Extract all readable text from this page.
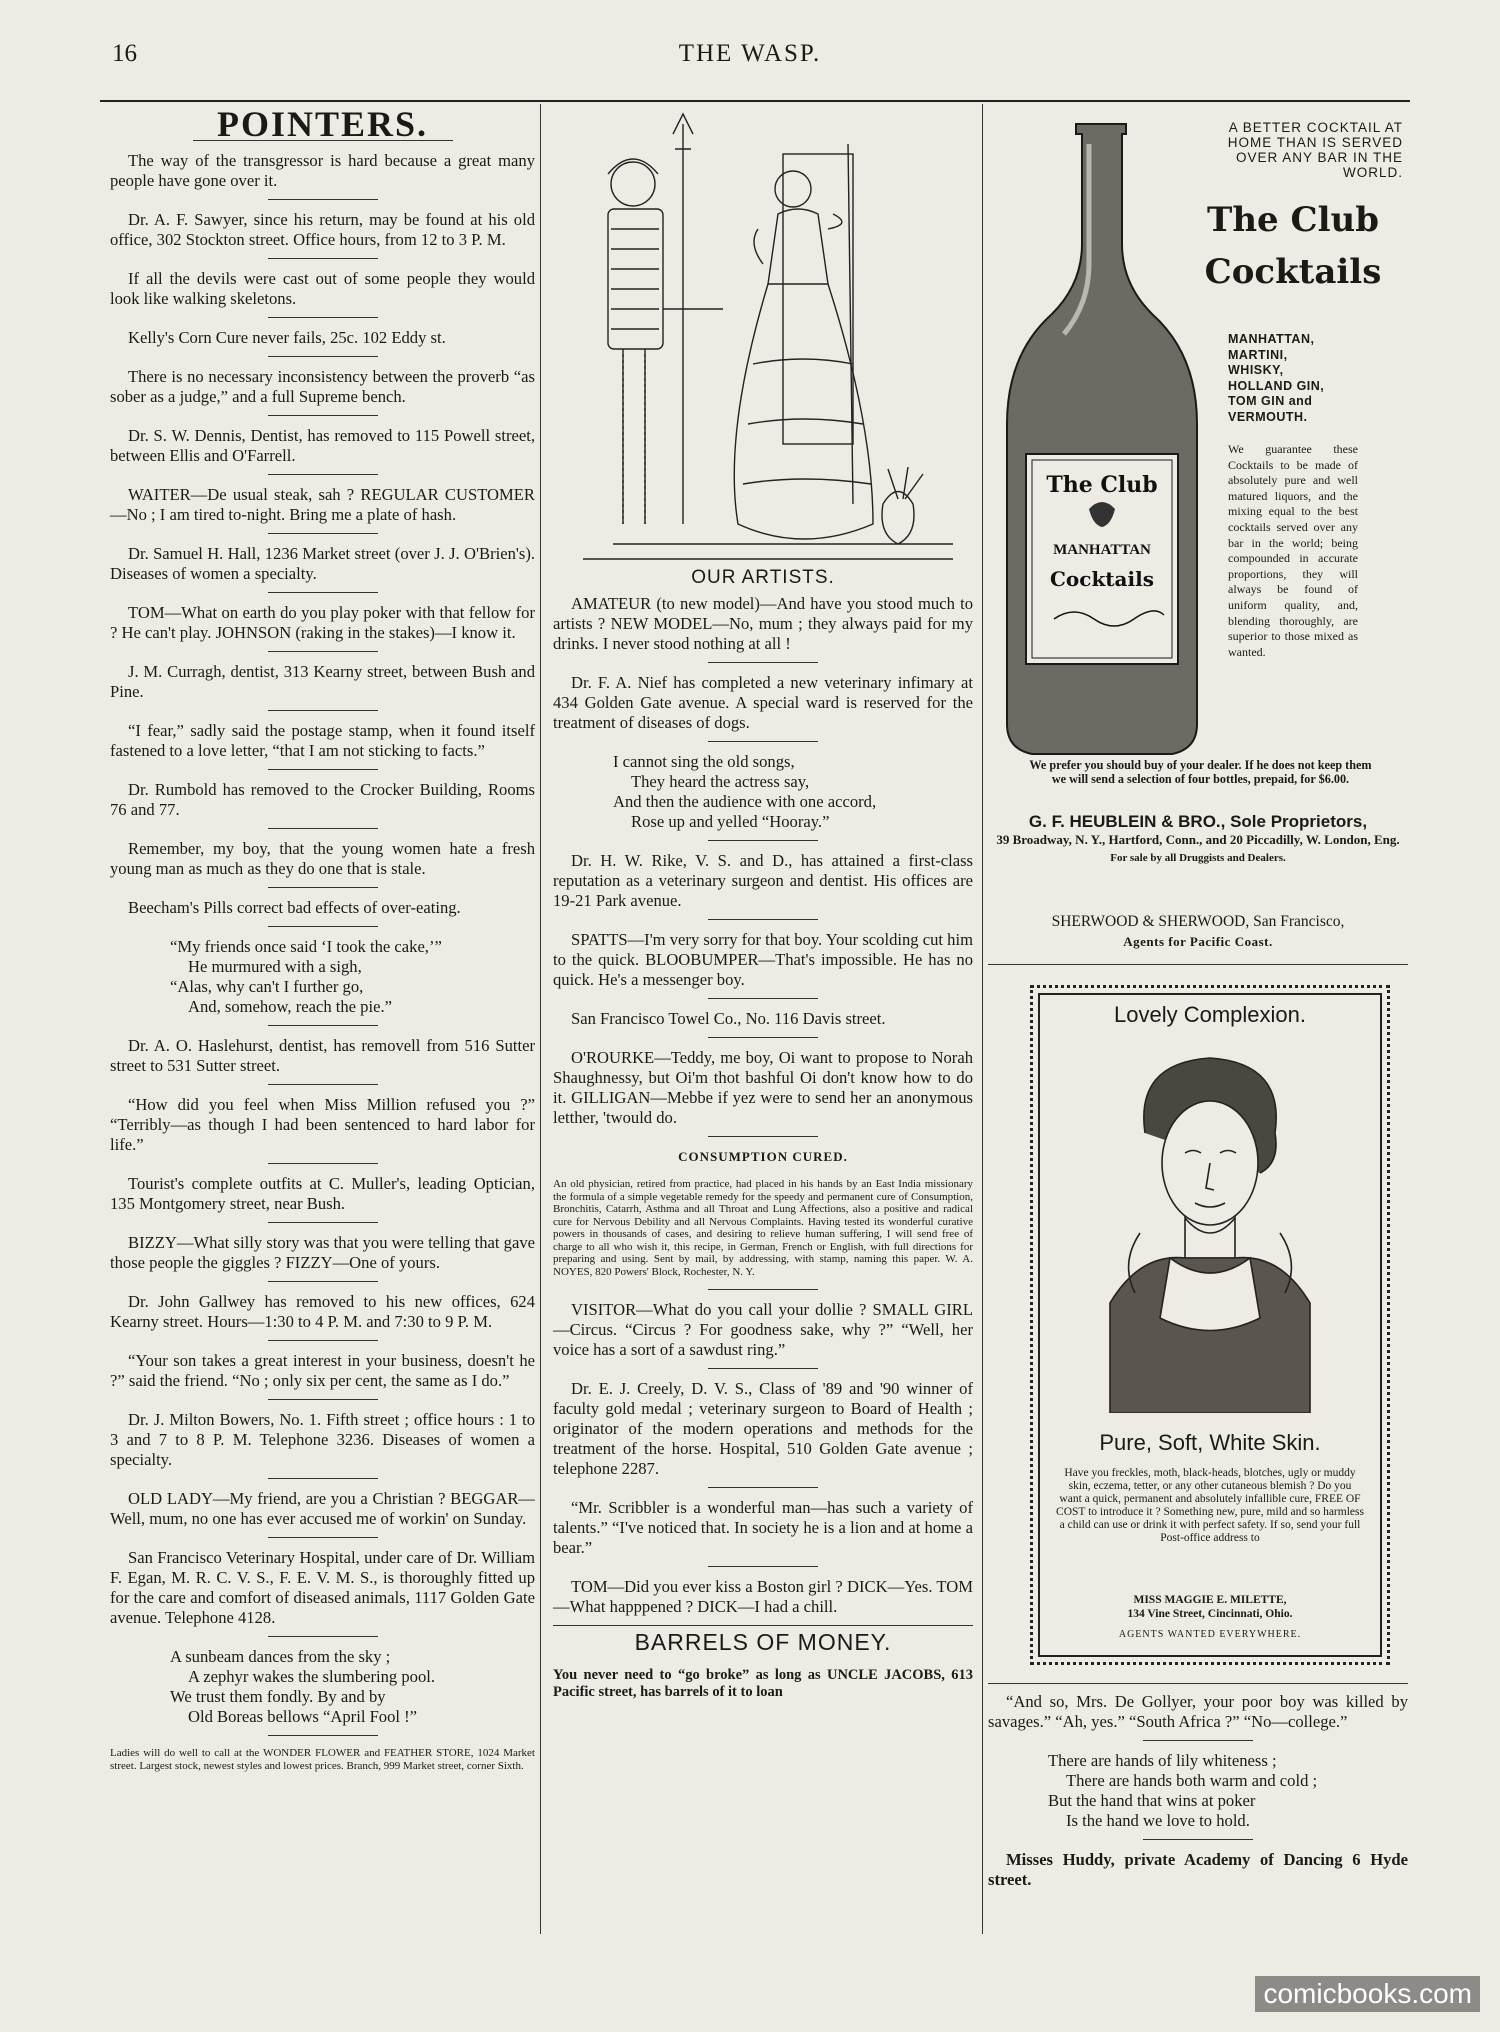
16	THE WASP.
POINTERS.

The way of the transgressor is hard because a great many people have gone over it.

Dr. A. F. Sawyer, since his return, may be found at his old office, 302 Stockton street. Office hours, from 12 to 3 P. M.

If all the devils were cast out of some people they would look like walking skeletons.

Kelly's Corn Cure never fails, 25c. 102 Eddy st.

There is no necessary inconsistency between the proverb “as sober as a judge,” and a full Supreme bench.

Dr. S. W. Dennis, Dentist, has removed to 115 Powell street, between Ellis and O'Farrell.

WAITER—De usual steak, sah ? REGULAR CUSTOMER—No ; I am tired to-night. Bring me a plate of hash.

Dr. Samuel H. Hall, 1236 Market street (over J. J. O'Brien's). Diseases of women a specialty.

TOM—What on earth do you play poker with that fellow for ? He can't play. JOHNSON (raking in the stakes)—I know it.

J. M. Curragh, dentist, 313 Kearny street, between Bush and Pine.

“I fear,” sadly said the postage stamp, when it found itself fastened to a love letter, “that I am not sticking to facts.”

Dr. Rumbold has removed to the Crocker Building, Rooms 76 and 77.

Remember, my boy, that the young women hate a fresh young man as much as they do one that is stale.

Beecham's Pills correct bad effects of over-eating.

“My friends once said ‘I took the cake,’”
He murmured with a sigh,
“Alas, why can't I further go,
And, somehow, reach the pie.”

Dr. A. O. Haslehurst, dentist, has removell from 516 Sutter street to 531 Sutter street.

“How did you feel when Miss Million refused you ?” “Terribly—as though I had been sentenced to hard labor for life.”

Tourist's complete outfits at C. Muller's, leading Optician, 135 Montgomery street, near Bush.

BIZZY—What silly story was that you were telling that gave those people the giggles ? FIZZY—One of yours.

Dr. John Gallwey has removed to his new offices, 624 Kearny street. Hours—1:30 to 4 P. M. and 7:30 to 9 P. M.

“Your son takes a great interest in your business, doesn't he ?” said the friend. “No ; only six per cent, the same as I do.”

Dr. J. Milton Bowers, No. 1. Fifth street ; office hours : 1 to 3 and 7 to 8 P. M. Telephone 3236. Diseases of women a specialty.

OLD LADY—My friend, are you a Christian ? BEGGAR—Well, mum, no one has ever accused me of workin' on Sunday.

San Francisco Veterinary Hospital, under care of Dr. William F. Egan, M. R. C. V. S., F. E. V. M. S., is thoroughly fitted up for the care and comfort of diseased animals, 1117 Golden Gate avenue. Telephone 4128.

A sunbeam dances from the sky ;
A zephyr wakes the slumbering pool.
We trust them fondly. By and by
Old Boreas bellows “April Fool !”

Ladies will do well to call at the WONDER FLOWER and FEATHER STORE, 1024 Market street. Largest stock, newest styles and lowest prices. Branch, 999 Market street, corner Sixth.

OUR ARTISTS.

AMATEUR (to new model)—And have you stood much to artists ? NEW MODEL—No, mum ; they always paid for my drinks. I never stood nothing at all !

Dr. F. A. Nief has completed a new veterinary infimary at 434 Golden Gate avenue. A special ward is reserved for the treatment of diseases of dogs.

I cannot sing the old songs,
They heard the actress say,
And then the audience with one accord,
Rose up and yelled “Hooray.”

Dr. H. W. Rike, V. S. and D., has attained a first-class reputation as a veterinary surgeon and dentist. His offices are 19-21 Park avenue.

SPATTS—I'm very sorry for that boy. Your scolding cut him to the quick. BLOOBUMPER—That's impossible. He has no quick. He's a messenger boy.

San Francisco Towel Co., No. 116 Davis street.

O'ROURKE—Teddy, me boy, Oi want to propose to Norah Shaughnessy, but Oi'm thot bashful Oi don't know how to do it. GILLIGAN—Mebbe if yez were to send her an anonymous letther, 'twould do.

CONSUMPTION CURED.

An old physician, retired from practice, had placed in his hands by an East India missionary the formula of a simple vegetable remedy for the speedy and permanent cure of Consumption, Bronchitis, Catarrh, Asthma and all Throat and Lung Affections, also a positive and radical cure for Nervous Debility and all Nervous Complaints. Having tested its wonderful curative powers in thousands of cases, and desiring to relieve human suffering, I will send free of charge to all who wish it, this recipe, in German, French or English, with full directions for preparing and using. Sent by mail, by addressing, with stamp, naming this paper. W. A. NOYES, 820 Powers' Block, Rochester, N. Y.

VISITOR—What do you call your dollie ? SMALL GIRL—Circus. “Circus ? For goodness sake, why ?” “Well, her voice has a sort of a sawdust ring.”

Dr. E. J. Creely, D. V. S., Class of '89 and '90 winner of faculty gold medal ; veterinary surgeon to Board of Health ; originator of the modern operations and methods for the treatment of the horse. Hospital, 510 Golden Gate avenue ; telephone 2287.

“Mr. Scribbler is a wonderful man—has such a variety of talents.” “I've noticed that. In society he is a lion and at home a bear.”

TOM—Did you ever kiss a Boston girl ? DICK—Yes. TOM—What happpened ? DICK—I had a chill.

BARRELS OF MONEY.

You never need to “go broke” as long as UNCLE JACOBS, 613 Pacific street, has barrels of it to loan

The Club
MANHATTAN
Cocktails
A BETTER COCKTAIL AT HOME THAN IS SERVED OVER ANY BAR IN THE WORLD.
The Club
Cocktails
MANHATTAN,
MARTINI,
WHISKY,
HOLLAND GIN,
TOM GIN and
VERMOUTH.
We guarantee these Cocktails to be made of absolutely pure and well matured liquors, and the mixing equal to the best cocktails served over any bar in the world; being compounded in accurate proportions, they will always be found of uniform quality, and, blending thoroughly, are superior to those mixed as wanted.
We prefer you should buy of your dealer. If he does not keep them we will send a selection of four bottles, prepaid, for $6.00.
G. F. HEUBLEIN & BRO., Sole Proprietors,
39 Broadway, N. Y., Hartford, Conn., and 20 Piccadilly, W. London, Eng.
For sale by all Druggists and Dealers.
SHERWOOD & SHERWOOD, San Francisco,
Agents for Pacific Coast.
Lovely Complexion.
Pure, Soft, White Skin.
Have you freckles, moth, black-heads, blotches, ugly or muddy skin, eczema, tetter, or any other cutaneous blemish ? Do you want a quick, permanent and absolutely infallible cure, FREE OF COST to introduce it ? Something new, pure, mild and so harmless a child can use or drink it with perfect safety. If so, send your full Post-office address to
MISS MAGGIE E. MILETTE,
134 Vine Street, Cincinnati, Ohio.
AGENTS WANTED EVERYWHERE.

“And so, Mrs. De Gollyer, your poor boy was killed by savages.” “Ah, yes.” “South Africa ?” “No—college.”

There are hands of lily whiteness ;
There are hands both warm and cold ;
But the hand that wins at poker
Is the hand we love to hold.

Misses Huddy, private Academy of Dancing 6 Hyde street.

comicbooks.com
